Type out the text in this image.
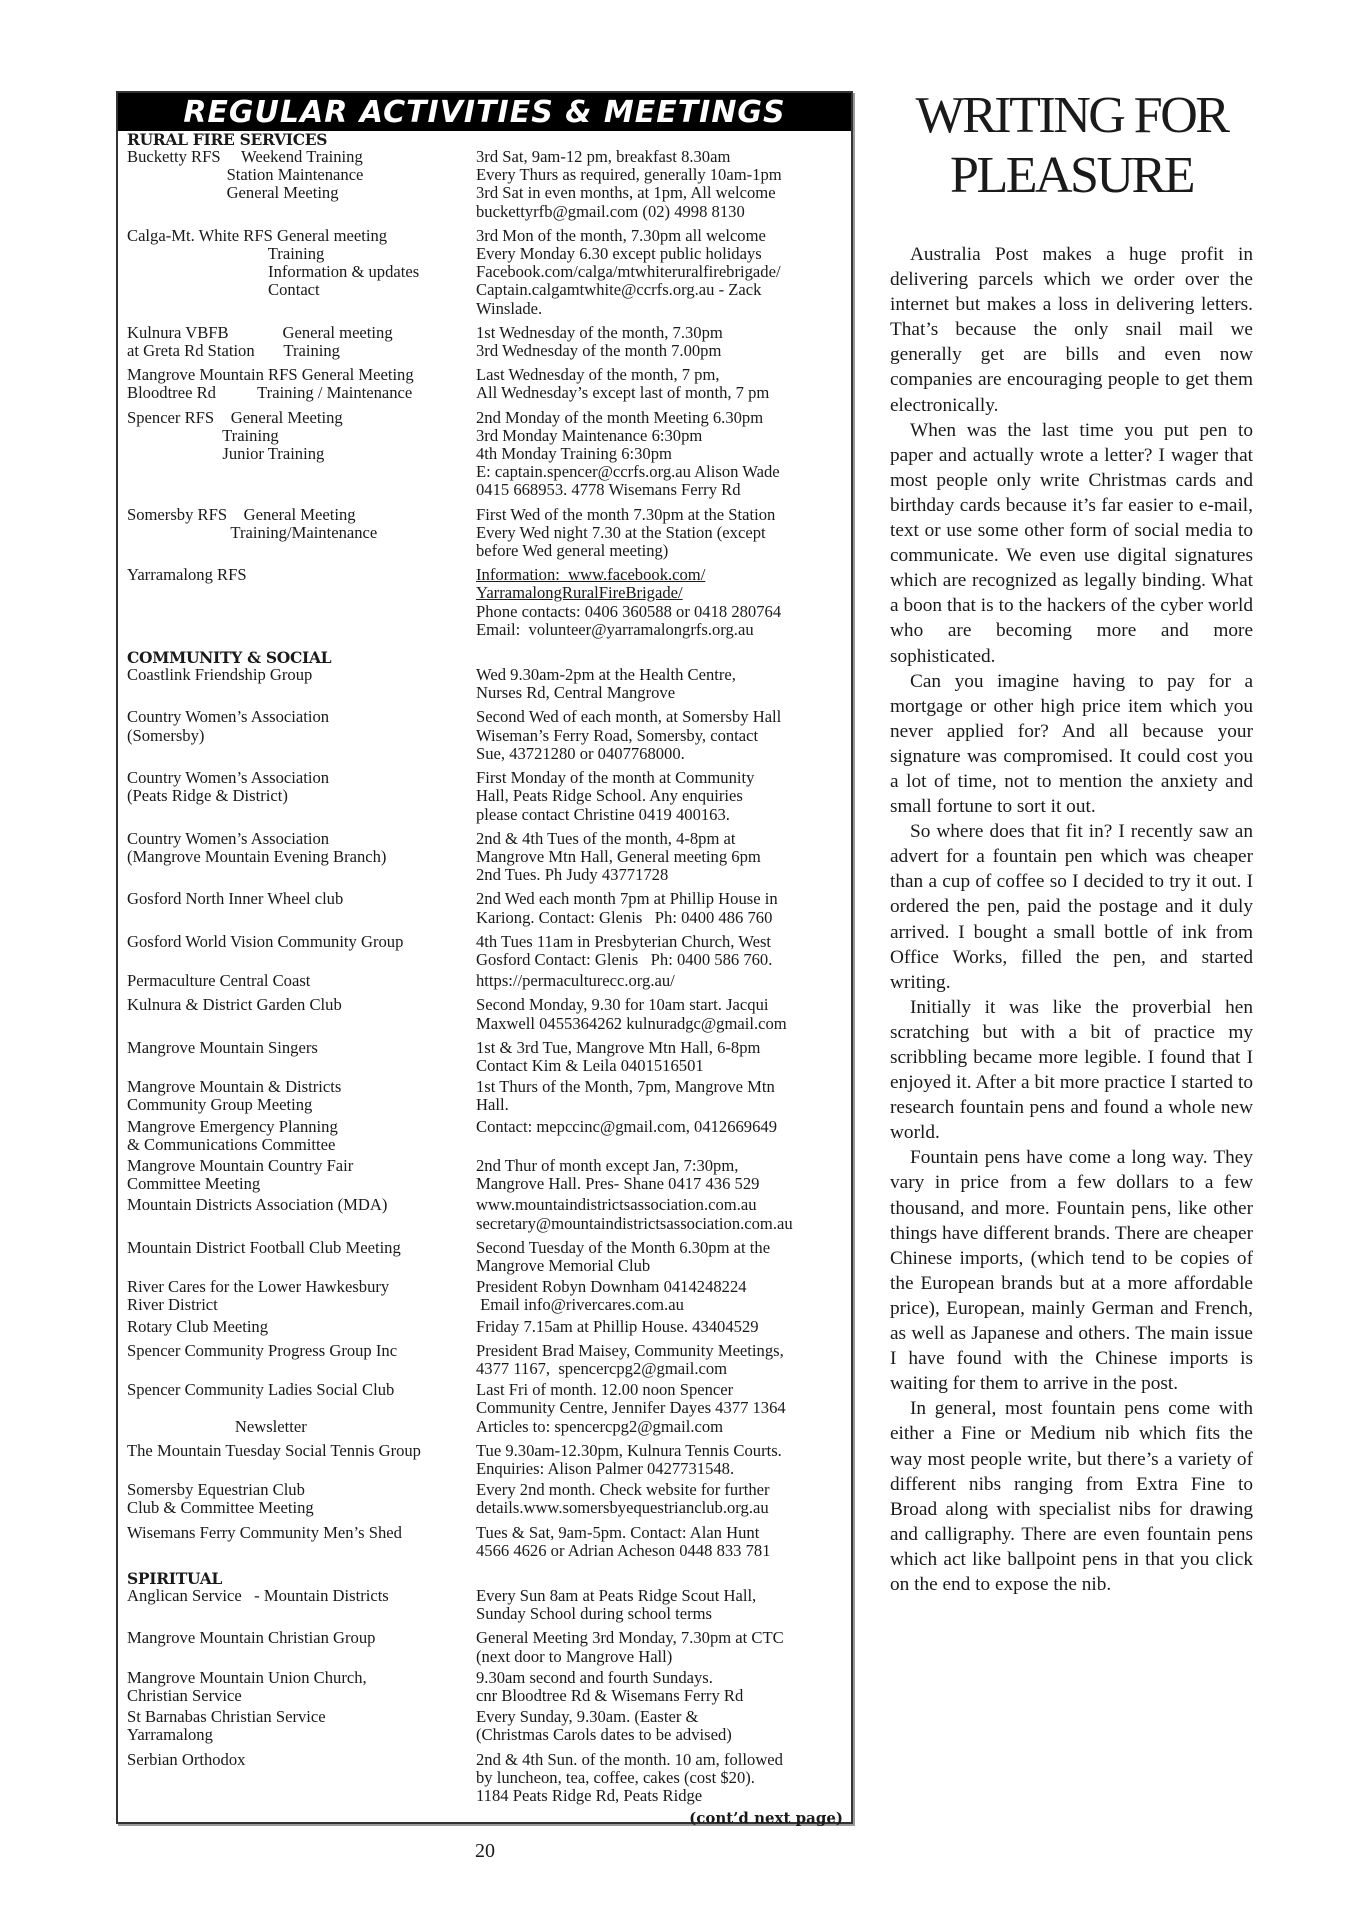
REGULAR ACTIVITIES & MEETINGS
RURAL FIRE SERVICES
Bucketty RFS     Weekend Training	3rd Sat, 9am-12 pm, breakfast 8.30am
Station Maintenance	Every Thurs as required, generally 10am-1pm
General Meeting	3rd Sat in even months, at 1pm, All welcome
buckettyrfb@gmail.com (02) 4998 8130
Calga-Mt. White RFS General meeting	3rd Mon of the month, 7.30pm all welcome
Training	Every Monday 6.30 except public holidays
Information & updates	Facebook.com/calga/mtwhiteruralfirebrigade/
Contact	Captain.calgamtwhite@ccrfs.org.au - Zack
Winslade.
Kulnura VBFB             General meeting	1st Wednesday of the month, 7.30pm
at Greta Rd Station       Training	3rd Wednesday of the month 7.00pm
Mangrove Mountain RFS General Meeting	Last Wednesday of the month, 7 pm,
Bloodtree Rd          Training / Maintenance	All Wednesday’s except last of month, 7 pm
Spencer RFS    General Meeting	2nd Monday of the month Meeting 6.30pm
Training	3rd Monday Maintenance 6:30pm
Junior Training	4th Monday Training 6:30pm
E: captain.spencer@ccrfs.org.au Alison Wade
0415 668953. 4778 Wisemans Ferry Rd
Somersby RFS    General Meeting	First Wed of the month 7.30pm at the Station
Training/Maintenance	Every Wed night 7.30 at the Station (except
before Wed general meeting)
Yarramalong RFS	Information:  www.facebook.com/
YarramalongRuralFireBrigade/
Phone contacts: 0406 360588 or 0418 280764
Email:  volunteer@yarramalongrfs.org.au
COMMUNITY & SOCIAL
Coastlink Friendship Group	Wed 9.30am-2pm at the Health Centre,
Nurses Rd, Central Mangrove
Country Women’s Association	Second Wed of each month, at Somersby Hall
(Somersby)	Wiseman’s Ferry Road, Somersby, contact
Sue, 43721280 or 0407768000.
Country Women’s Association	First Monday of the month at Community
(Peats Ridge & District)	Hall, Peats Ridge School. Any enquiries
please contact Christine 0419 400163.
Country Women’s Association	2nd & 4th Tues of the month, 4-8pm at
(Mangrove Mountain Evening Branch)	Mangrove Mtn Hall, General meeting 6pm
2nd Tues. Ph Judy 43771728
Gosford North Inner Wheel club	2nd Wed each month 7pm at Phillip House in
Kariong. Contact: Glenis   Ph: 0400 486 760
Gosford World Vision Community Group	4th Tues 11am in Presbyterian Church, West
Gosford Contact: Glenis   Ph: 0400 586 760.
Permaculture Central Coast	https://permaculturecc.org.au/
Kulnura & District Garden Club	Second Monday, 9.30 for 10am start. Jacqui
Maxwell 0455364262 kulnuradgc@gmail.com
Mangrove Mountain Singers	1st & 3rd Tue, Mangrove Mtn Hall, 6-8pm
Contact Kim & Leila 0401516501
Mangrove Mountain & Districts	1st Thurs of the Month, 7pm, Mangrove Mtn
Community Group Meeting	Hall.
Mangrove Emergency Planning	Contact: mepccinc@gmail.com, 0412669649
& Communications Committee
Mangrove Mountain Country Fair	2nd Thur of month except Jan, 7:30pm,
Committee Meeting	Mangrove Hall. Pres- Shane 0417 436 529
Mountain Districts Association (MDA)	www.mountaindistrictsassociation.com.au
secretary@mountaindistrictsassociation.com.au
Mountain District Football Club Meeting	Second Tuesday of the Month 6.30pm at the
Mangrove Memorial Club
River Cares for the Lower Hawkesbury	President Robyn Downham 0414248224
River District	Email info@rivercares.com.au
Rotary Club Meeting	Friday 7.15am at Phillip House. 43404529
Spencer Community Progress Group Inc	President Brad Maisey, Community Meetings,
4377 1167,  spencercpg2@gmail.com
Spencer Community Ladies Social Club	Last Fri of month. 12.00 noon Spencer
Community Centre, Jennifer Dayes 4377 1364
Newsletter	Articles to: spencercpg2@gmail.com
The Mountain Tuesday Social Tennis Group	Tue 9.30am-12.30pm, Kulnura Tennis Courts.
Enquiries: Alison Palmer 0427731548.
Somersby Equestrian Club	Every 2nd month. Check website for further
Club & Committee Meeting	details.www.somersbyequestrianclub.org.au
Wisemans Ferry Community Men’s Shed	Tues & Sat, 9am-5pm. Contact: Alan Hunt
4566 4626 or Adrian Acheson 0448 833 781
SPIRITUAL
Anglican Service   - Mountain Districts	Every Sun 8am at Peats Ridge Scout Hall,
Sunday School during school terms
Mangrove Mountain Christian Group	General Meeting 3rd Monday, 7.30pm at CTC
(next door to Mangrove Hall)
Mangrove Mountain Union Church,	9.30am second and fourth Sundays.
Christian Service	cnr Bloodtree Rd & Wisemans Ferry Rd
St Barnabas Christian Service	Every Sunday, 9.30am. (Easter &
Yarramalong	(Christmas Carols dates to be advised)
Serbian Orthodox	2nd & 4th Sun. of the month. 10 am, followed
by luncheon, tea, coffee, cakes (cost $20).
1184 Peats Ridge Rd, Peats Ridge
(cont’d next page)
20
WRITING FOR PLEASURE

Australia Post makes a huge profit in delivering parcels which we order over the internet but makes a loss in delivering letters. That’s because the only snail mail we generally get are bills and even now companies are encouraging people to get them electronically.

When was the last time you put pen to paper and actually wrote a letter? I wager that most people only write Christmas cards and birthday cards because it’s far easier to e-mail, text or use some other form of social media to communicate. We even use digital signatures which are recognized as legally binding. What a boon that is to the hackers of the cyber world who are becoming more and more sophisticated.

Can you imagine having to pay for a mortgage or other high price item which you never applied for? And all because your signature was compromised. It could cost you a lot of time, not to mention the anxiety and small fortune to sort it out.

So where does that fit in? I recently saw an advert for a fountain pen which was cheaper than a cup of coffee so I decided to try it out. I ordered the pen, paid the postage and it duly arrived. I bought a small bottle of ink from Office Works, filled the pen, and started writing.

Initially it was like the proverbial hen scratching but with a bit of practice my scribbling became more legible. I found that I enjoyed it. After a bit more practice I started to research fountain pens and found a whole new world.

Fountain pens have come a long way. They vary in price from a few dollars to a few thousand, and more. Fountain pens, like other things have different brands. There are cheaper Chinese imports, (which tend to be copies of the European brands but at a more affordable price), European, mainly German and French, as well as Japanese and others. The main issue I have found with the Chinese imports is waiting for them to arrive in the post.

In general, most fountain pens come with either a Fine or Medium nib which fits the way most people write, but there’s a variety of different nibs ranging from Extra Fine to Broad along with specialist nibs for drawing and calligraphy. There are even fountain pens which act like ballpoint pens in that you click on the end to expose the nib.
